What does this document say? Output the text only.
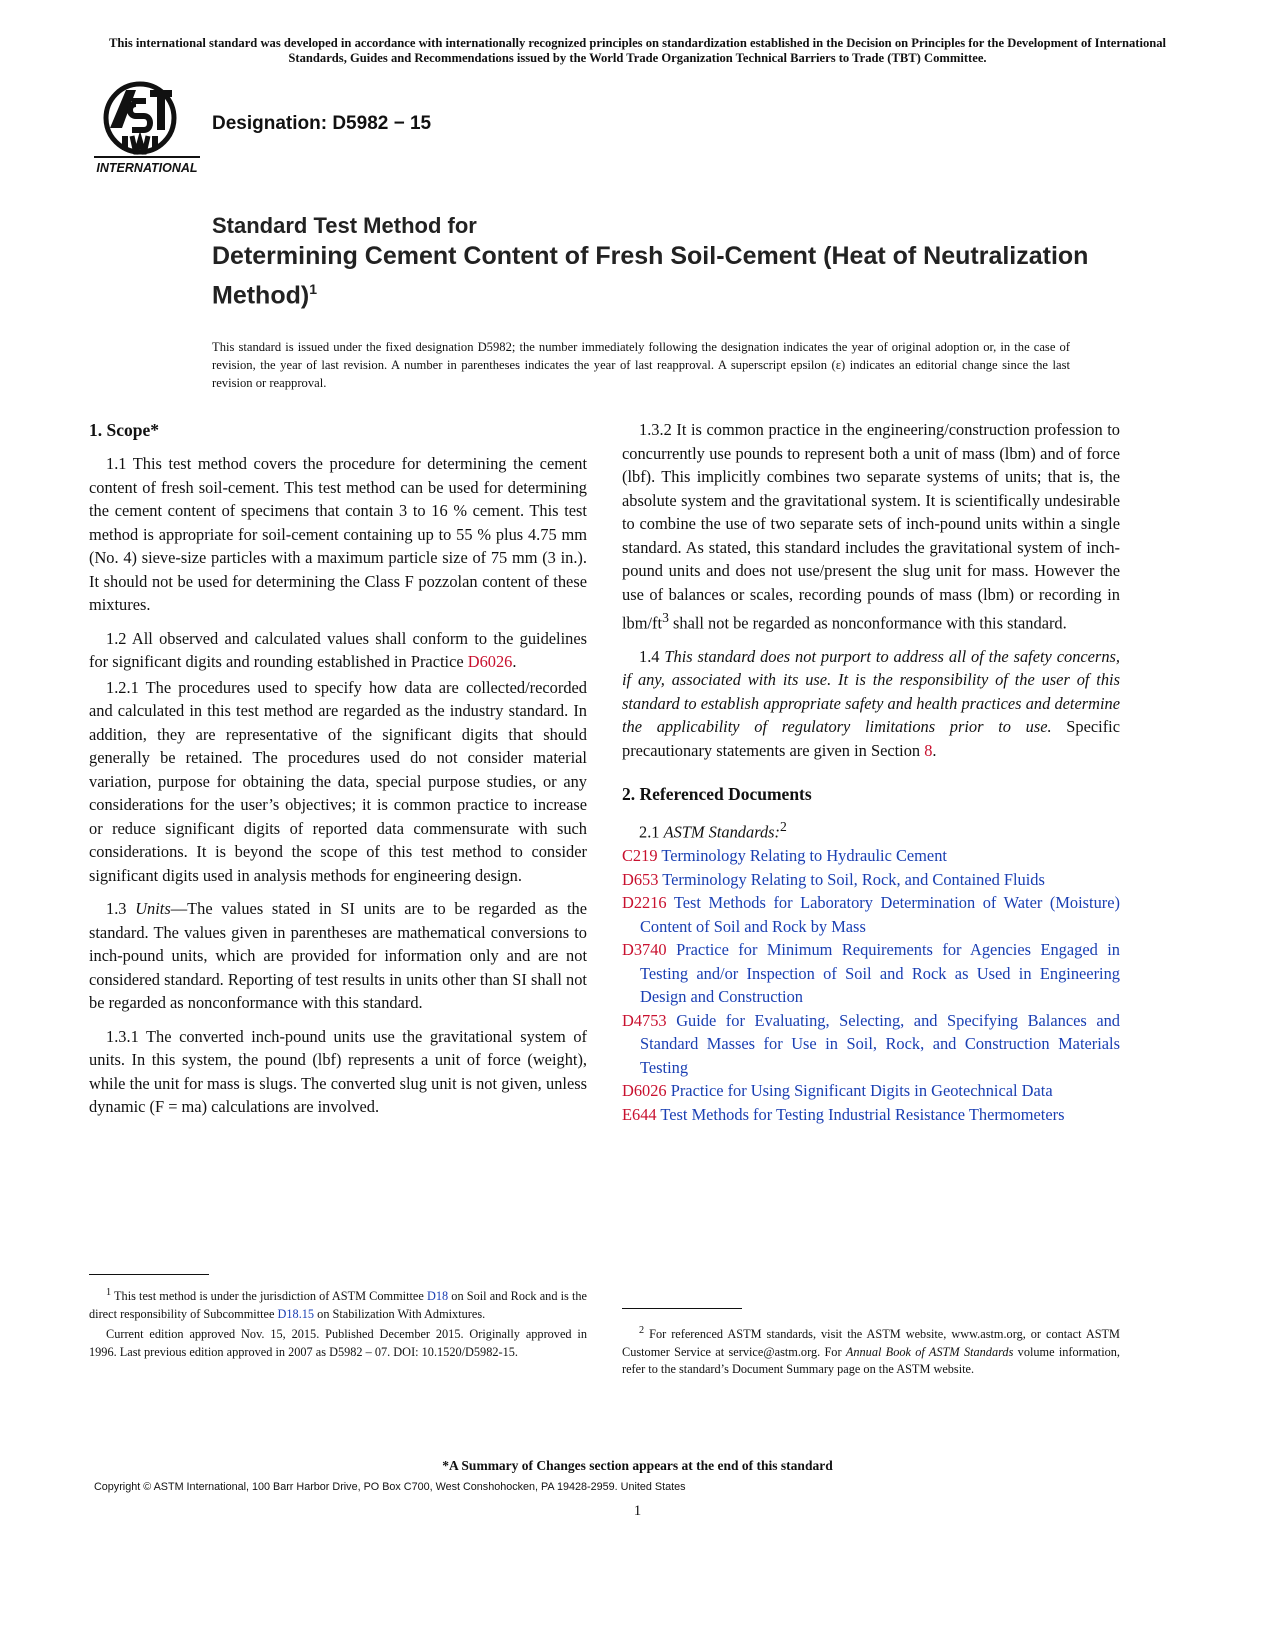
This international standard was developed in accordance with internationally recognized principles on standardization established in the Decision on Principles for the Development of International Standards, Guides and Recommendations issued by the World Trade Organization Technical Barriers to Trade (TBT) Committee.
INTERNATIONAL
Designation: D5982 − 15
Standard Test Method for
Determining Cement Content of Fresh Soil-Cement (Heat of Neutralization Method)$^1$
This standard is issued under the fixed designation D5982; the number immediately following the designation indicates the year of original adoption or, in the case of revision, the year of last revision. A number in parentheses indicates the year of last reapproval. A superscript epsilon (ε) indicates an editorial change since the last revision or reapproval.
1. Scope*

1.1 This test method covers the procedure for determining the cement content of fresh soil-cement. This test method can be used for determining the cement content of specimens that contain 3 to 16 % cement. This test method is appropriate for soil-cement containing up to 55 % plus 4.75 mm (No. 4) sieve-size particles with a maximum particle size of 75 mm (3 in.). It should not be used for determining the Class F pozzolan content of these mixtures.

1.2 All observed and calculated values shall conform to the guidelines for significant digits and rounding established in Practice D6026.

1.2.1 The procedures used to specify how data are collected/recorded and calculated in this test method are regarded as the industry standard. In addition, they are representative of the significant digits that should generally be retained. The procedures used do not consider material variation, purpose for obtaining the data, special purpose studies, or any considerations for the user’s objectives; it is common practice to increase or reduce significant digits of reported data commensurate with such considerations. It is beyond the scope of this test method to consider significant digits used in analysis methods for engineering design.

1.3 Units—The values stated in SI units are to be regarded as the standard. The values given in parentheses are mathematical conversions to inch-pound units, which are provided for information only and are not considered standard. Reporting of test results in units other than SI shall not be regarded as nonconformance with this standard.

1.3.1 The converted inch-pound units use the gravitational system of units. In this system, the pound (lbf) represents a unit of force (weight), while the unit for mass is slugs. The converted slug unit is not given, unless dynamic (F = ma) calculations are involved.

$^1$ This test method is under the jurisdiction of ASTM Committee D18 on Soil and Rock and is the direct responsibility of Subcommittee D18.15 on Stabilization With Admixtures.

Current edition approved Nov. 15, 2015. Published December 2015. Originally approved in 1996. Last previous edition approved in 2007 as D5982 – 07. DOI: 10.1520/D5982-15.

1.3.2 It is common practice in the engineering/construction profession to concurrently use pounds to represent both a unit of mass (lbm) and of force (lbf). This implicitly combines two separate systems of units; that is, the absolute system and the gravitational system. It is scientifically undesirable to combine the use of two separate sets of inch-pound units within a single standard. As stated, this standard includes the gravitational system of inch-pound units and does not use/present the slug unit for mass. However the use of balances or scales, recording pounds of mass (lbm) or recording in lbm/$ft^3$ shall not be regarded as nonconformance with this standard.

1.4 This standard does not purport to address all of the safety concerns, if any, associated with its use. It is the responsibility of the user of this standard to establish appropriate safety and health practices and determine the applicability of regulatory limitations prior to use. Specific precautionary statements are given in Section 8.

2. Referenced Documents

2.1 ASTM Standards:$^2$

C219 Terminology Relating to Hydraulic Cement

D653 Terminology Relating to Soil, Rock, and Contained Fluids

D2216 Test Methods for Laboratory Determination of Water (Moisture) Content of Soil and Rock by Mass

D3740 Practice for Minimum Requirements for Agencies Engaged in Testing and/or Inspection of Soil and Rock as Used in Engineering Design and Construction

D4753 Guide for Evaluating, Selecting, and Specifying Balances and Standard Masses for Use in Soil, Rock, and Construction Materials Testing

D6026 Practice for Using Significant Digits in Geotechnical Data

E644 Test Methods for Testing Industrial Resistance Thermometers

$^2$ For referenced ASTM standards, visit the ASTM website, www.astm.org, or contact ASTM Customer Service at service@astm.org. For Annual Book of ASTM Standards volume information, refer to the standard’s Document Summary page on the ASTM website.

*A Summary of Changes section appears at the end of this standard
Copyright © ASTM International, 100 Barr Harbor Drive, PO Box C700, West Conshohocken, PA 19428-2959. United States
1
